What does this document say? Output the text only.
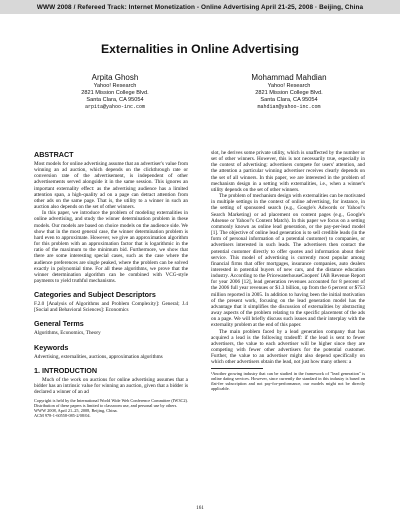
WWW 2008 / Refereed Track: Internet Monetization - Online Advertising April 21-25, 2008 · Beijing, China
Externalities in Online Advertising
Arpita Ghosh
Yahoo! Research
2821 Mission College Blvd.
Santa Clara, CA 95054
arpita@yahoo-inc.com
Mohammad Mahdian
Yahoo! Research
2821 Mission College Blvd.
Santa Clara, CA 95054
mahdian@yahoo-inc.com
ABSTRACT

Most models for online advertising assume that an advertiser's value from winning an ad auction, which depends on the clickthrough rate or conversion rate of the advertisement, is independent of other advertisements served alongside it in the same session. This ignores an important externality effect: as the advertising audience has a limited attention span, a high-quality ad on a page can detract attention from other ads on the same page. That is, the utility to a winner in such an auction also depends on the set of other winners.

In this paper, we introduce the problem of modeling externalities in online advertising, and study the winner determination problem in these models. Our models are based on choice models on the audience side. We show that in the most general case, the winner determination problem is hard even to approximate. However, we give an approximation algorithm for this problem with an approximation factor that is logarithmic in the ratio of the maximum to the minimum bid. Furthermore, we show that there are some interesting special cases, such as the case where the audience preferences are single peaked, where the problem can be solved exactly in polynomial time. For all these algorithms, we prove that the winner determination algorithm can be combined with VCG-style payments to yield truthful mechanisms.

Categories and Subject Descriptors

F.2.0 [Analysis of Algorithms and Problem Complexity]: General; J.4 [Social and Behavioral Sciences]: Economics

General Terms

Algorithms, Economics, Theory

Keywords

Advertising, externalities, auctions, approximation algorithms

1. INTRODUCTION

Much of the work on auctions for online advertising assumes that a bidder has an intrinsic value for winning an auction, given that a bidder is declared a winner of an ad

Copyright is held by the International World Wide Web Conference Committee (IW3C2). Distribution of these papers is limited to classroom use, and personal use by others.

WWW 2008, April 21–25, 2008, Beijing, China.

ACM 978-1-60558-085-2/08/04.

slot, he derives some private utility, which is unaffected by the number or set of other winners. However, this is not necessarily true, especially in the context of advertising: advertisers compete for users' attention, and the attention a particular winning advertiser receives clearly depends on the set of all winners. In this paper, we are interested in the problem of mechanism design in a setting with externalities, i.e., when a winner's utility depends on the set of other winners.

The problem of mechanism design with externalities can be motivated in multiple settings in the context of online advertising, for instance, in the setting of sponsored search (e.g., Google's Adwords or Yahoo!'s Search Marketing) or ad placement on content pages (e.g., Google's Adsense or Yahoo!'s Content Match). In this paper we focus on a setting commonly known as online lead generation, or the pay-per-lead model [1]. The objective of online lead generation is to sell credible leads (in the form of personal information of a potential customer) to companies, or advertisers interested in such leads. The advertisers then contact the potential customer directly to offer quotes and information about their service. This model of advertising is currently most popular among financial firms that offer mortgages, insurance companies, auto dealers interested in potential buyers of new cars, and the distance education industry. According to the PricewaterhouseCoopers' IAB Revenue Report for year 2006 [12], lead generation revenues accounted for 8 percent of the 2006 full year revenues or $1.3 billion, up from the 6 percent or $753 million reported in 2005. In addition to having been the initial motivation of the present work, focusing on the lead generation model has the advantage that it simplifies the discussion of externalities by abstracting away aspects of the problem relating to the specific placement of the ads on a page. We will briefly discuss such issues and their interplay with the externality problem at the end of this paper.

The main problem faced by a lead generation company that has acquired a lead is the following tradeoff: if the lead is sent to fewer advertisers, the value to each advertiser will be higher since they are competing with fewer other advertisers for the potential customer. Further, the value to an advertiser might also depend specifically on which other advertisers obtain the lead, not just how many others: a

¹Another growing industry that can be studied in the framework of "lead generation" is online dating services. However, since currently the standard in this industry is based on flat-fee subscription and not pay-for-performance, our models might not be directly applicable.

161
